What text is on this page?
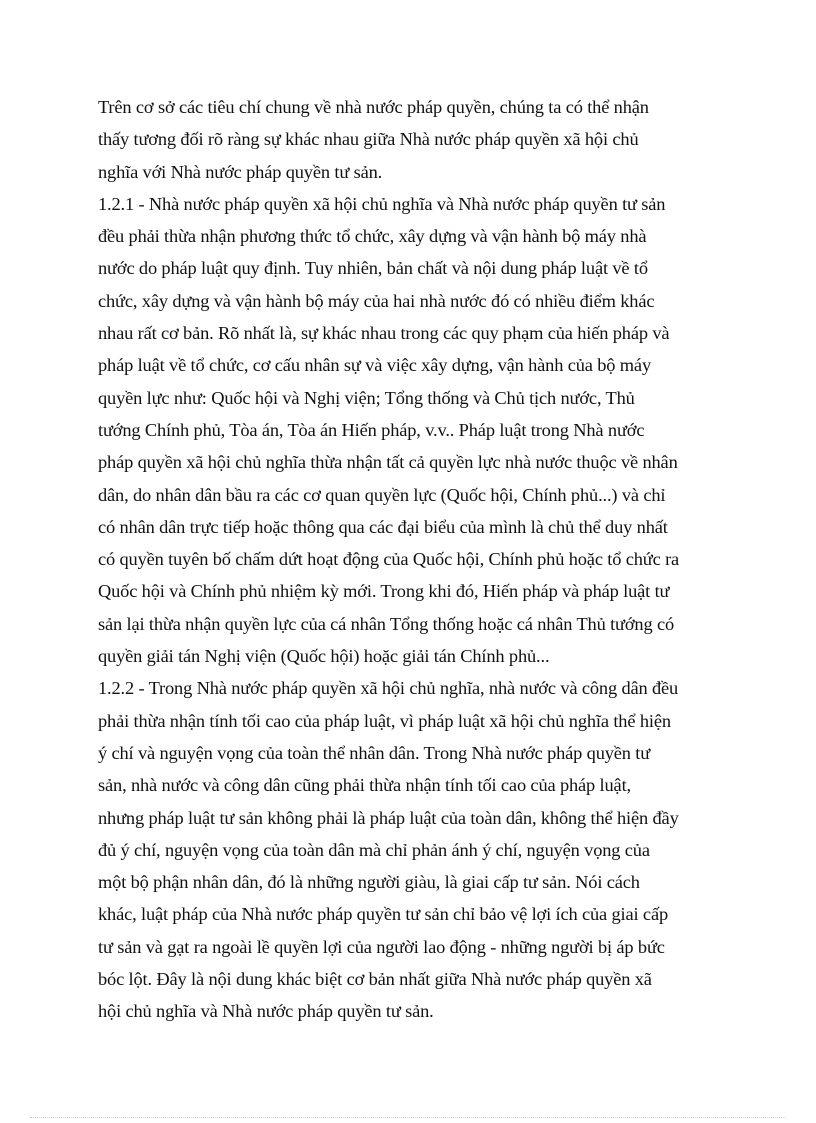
Trên cơ sở các tiêu chí chung về nhà nước pháp quyền, chúng ta có thể nhận
thấy tương đối rõ ràng sự khác nhau giữa Nhà nước pháp quyền xã hội chủ
nghĩa với Nhà nước pháp quyền tư sản.
1.2.1 - Nhà nước pháp quyền xã hội chủ nghĩa và Nhà nước pháp quyền tư sản
đều phải thừa nhận phương thức tổ chức, xây dựng và vận hành bộ máy nhà
nước do pháp luật quy định. Tuy nhiên, bản chất và nội dung pháp luật về tổ
chức, xây dựng và vận hành bộ máy của hai nhà nước đó có nhiều điểm khác
nhau rất cơ bản. Rõ nhất là, sự khác nhau trong các quy phạm của hiến pháp và
pháp luật về tổ chức, cơ cấu nhân sự và việc xây dựng, vận hành của bộ máy
quyền lực như: Quốc hội và Nghị viện; Tổng thống và Chủ tịch nước, Thủ
tướng Chính phủ, Tòa án, Tòa án Hiến pháp, v.v.. Pháp luật trong Nhà nước
pháp quyền xã hội chủ nghĩa thừa nhận tất cả quyền lực nhà nước thuộc về nhân
dân, do nhân dân bầu ra các cơ quan quyền lực (Quốc hội, Chính phủ...) và chỉ
có nhân dân trực tiếp hoặc thông qua các đại biểu của mình là chủ thể duy nhất
có quyền tuyên bố chấm dứt hoạt động của Quốc hội, Chính phủ hoặc tổ chức ra
Quốc hội và Chính phủ nhiệm kỳ mới. Trong khi đó, Hiến pháp và pháp luật tư
sản lại thừa nhận quyền lực của cá nhân Tổng thống hoặc cá nhân Thủ tướng có
quyền giải tán Nghị viện (Quốc hội) hoặc giải tán Chính phủ...
1.2.2 - Trong Nhà nước pháp quyền xã hội chủ nghĩa, nhà nước và công dân đều
phải thừa nhận tính tối cao của pháp luật, vì pháp luật xã hội chủ nghĩa thể hiện
ý chí và nguyện vọng của toàn thể nhân dân. Trong Nhà nước pháp quyền tư
sản, nhà nước và công dân cũng phải thừa nhận tính tối cao của pháp luật,
nhưng pháp luật tư sản không phải là pháp luật của toàn dân, không thể hiện đầy
đủ ý chí, nguyện vọng của toàn dân mà chỉ phản ánh ý chí, nguyện vọng của
một bộ phận nhân dân, đó là những người giàu, là giai cấp tư sản. Nói cách
khác, luật pháp của Nhà nước pháp quyền tư sản chỉ bảo vệ lợi ích của giai cấp
tư sản và gạt ra ngoài lề quyền lợi của người lao động - những người bị áp bức
bóc lột. Đây là nội dung khác biệt cơ bản nhất giữa Nhà nước pháp quyền xã
hội chủ nghĩa và Nhà nước pháp quyền tư sản.
